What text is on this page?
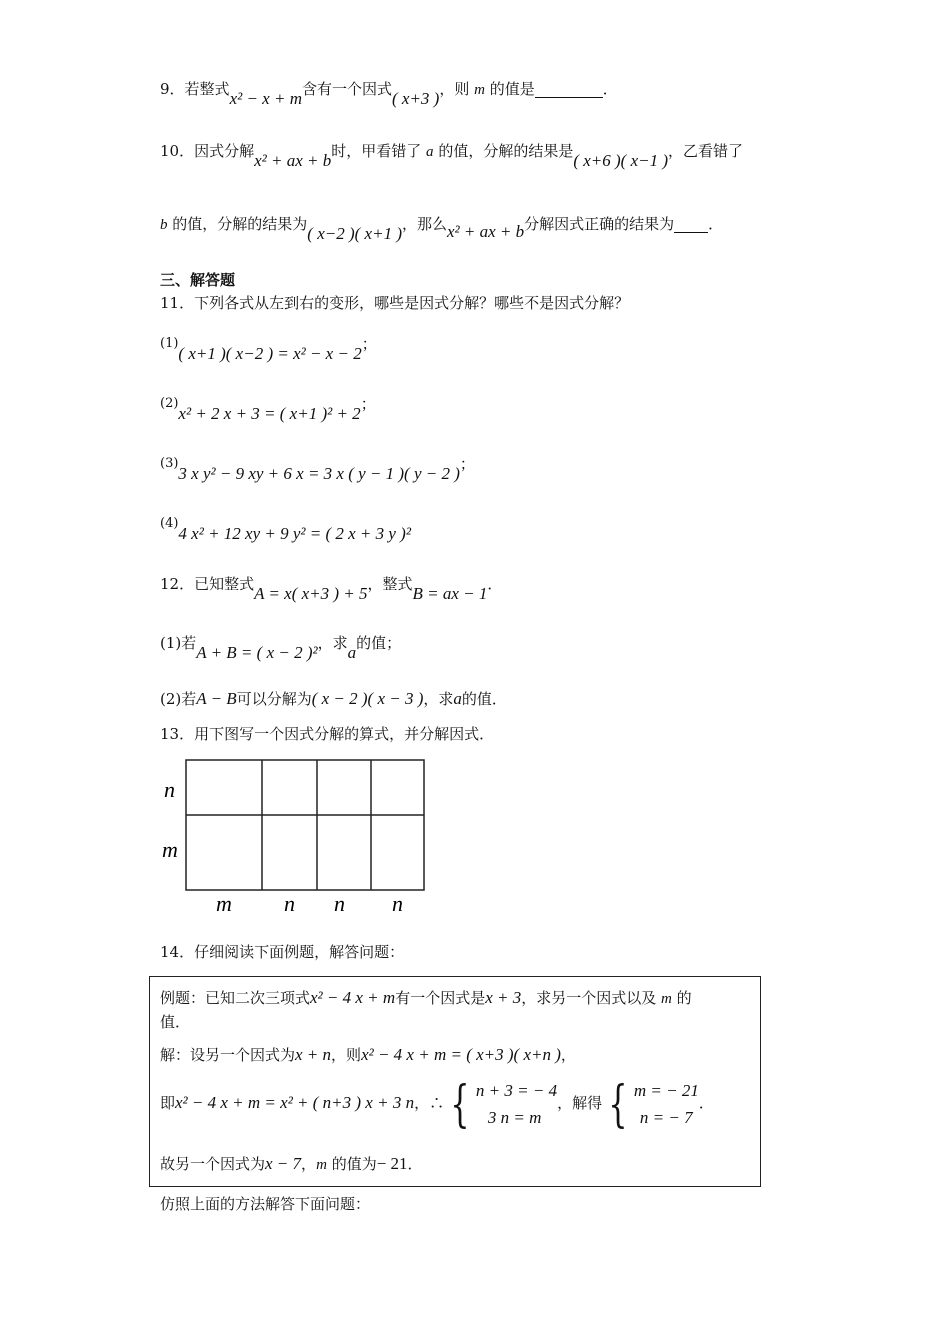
9．若整式x² − x + m含有一个因式( x+3 )，则 m 的值是	．
10．因式分解x² + ax + b时，甲看错了 a 的值，分解的结果是( x+6 )( x−1 )，乙看错了
b 的值，分解的结果为( x−2 )( x+1 )，那么x² + ax + b分解因式正确的结果为 ．
三、解答题
11．下列各式从左到右的变形，哪些是因式分解？哪些不是因式分解？
(1)( x+1 )( x−2 ) = x² − x − 2；
(2)x² + 2 x + 3 = ( x+1 )² + 2；
(3)3 x y² − 9 xy + 6 x = 3 x ( y − 1 )( y − 2 )；
(4)4 x² + 12 xy + 9 y² = ( 2 x + 3 y )²
12．已知整式A = x( x+3 ) + 5，整式B = ax − 1．
(1)若A + B = ( x − 2 )²，求a的值；
(2)若A − B可以分解为( x − 2 )( x − 3 )，求a的值．
13．用下图写一个因式分解的算式，并分解因式．
n
m
m n n n
14．仔细阅读下面例题，解答问题：
例题：已知二次三项式x² − 4 x + m有一个因式是x + 3，求另一个因式以及 m 的
值．
解：设另一个因式为x + n，则x² − 4 x + m = ( x+3 )( x+n )，
即x² − 4 x + m = x² + ( n+3 ) x + 3 n，∴ { n + 3 = − 4
3 n = m，解得 { m = − 21
n = − 7．
故另一个因式为x − 7，m 的值为− 21．
仿照上面的方法解答下面问题：
